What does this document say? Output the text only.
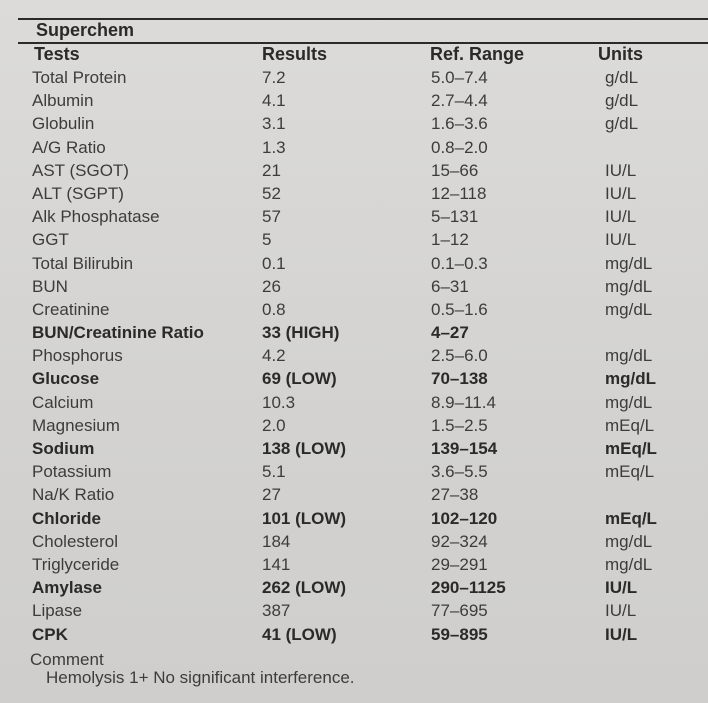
Superchem
Tests	Results	Ref. Range	Units
Total Protein	7.2	5.0–7.4	g/dL
Albumin	4.1	2.7–4.4	g/dL
Globulin	3.1	1.6–3.6	g/dL
A/G Ratio	1.3	0.8–2.0
AST (SGOT)	21	15–66	IU/L
ALT (SGPT)	52	12–118	IU/L
Alk Phosphatase	57	5–131	IU/L
GGT	5	1–12	IU/L
Total Bilirubin	0.1	0.1–0.3	mg/dL
BUN	26	6–31	mg/dL
Creatinine	0.8	0.5–1.6	mg/dL
BUN/Creatinine Ratio	33 (HIGH)	4–27
Phosphorus	4.2	2.5–6.0	mg/dL
Glucose	69 (LOW)	70–138	mg/dL
Calcium	10.3	8.9–11.4	mg/dL
Magnesium	2.0	1.5–2.5	mEq/L
Sodium	138 (LOW)	139–154	mEq/L
Potassium	5.1	3.6–5.5	mEq/L
Na/K Ratio	27	27–38
Chloride	101 (LOW)	102–120	mEq/L
Cholesterol	184	92–324	mg/dL
Triglyceride	141	29–291	mg/dL
Amylase	262 (LOW)	290–1125	IU/L
Lipase	387	77–695	IU/L
CPK	41 (LOW)	59–895	IU/L
Comment
Hemolysis 1+ No significant interference.
